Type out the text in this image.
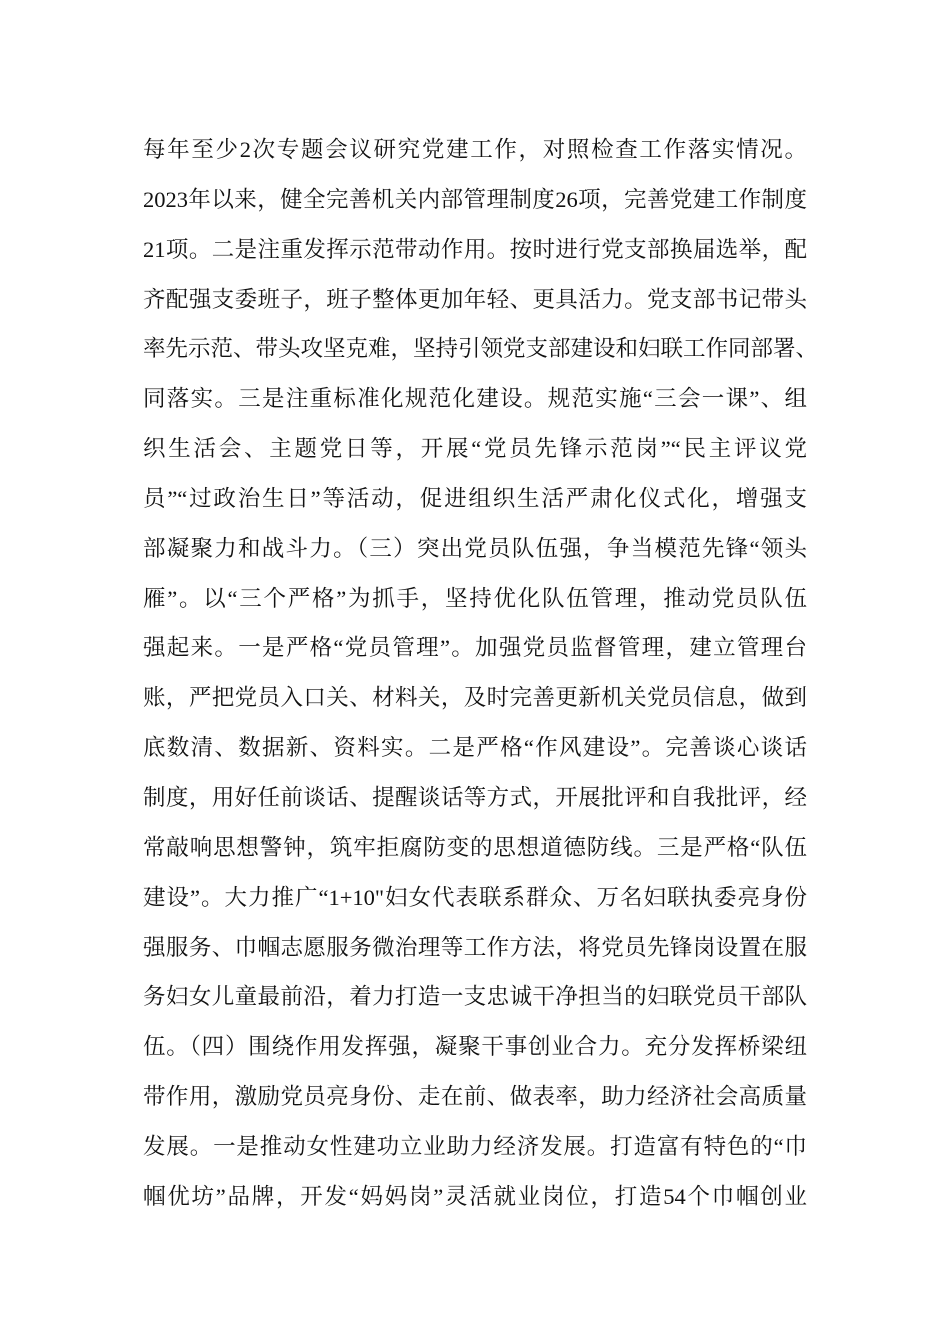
每年至少2次专题会议研究党建工作，对照检查工作落实情况。
2023年以来，健全完善机关内部管理制度26项，完善党建工作制度
21项。二是注重发挥示范带动作用。按时进行党支部换届选举，配
齐配强支委班子，班子整体更加年轻、更具活力。党支部书记带头
率先示范、带头攻坚克难，坚持引领党支部建设和妇联工作同部署、
同落实。三是注重标准化规范化建设。规范实施“三会一课”、组
织生活会、主题党日等，开展“党员先锋示范岗”“民主评议党
员”“过政治生日”等活动，促进组织生活严肃化仪式化，增强支
部凝聚力和战斗力。（三）突出党员队伍强，争当模范先锋“领头
雁”。以“三个严格”为抓手，坚持优化队伍管理，推动党员队伍
强起来。一是严格“党员管理”。加强党员监督管理，建立管理台
账，严把党员入口关、材料关，及时完善更新机关党员信息，做到
底数清、数据新、资料实。二是严格“作风建设”。完善谈心谈话
制度，用好任前谈话、提醒谈话等方式，开展批评和自我批评，经
常敲响思想警钟，筑牢拒腐防变的思想道德防线。三是严格“队伍
建设”。大力推广“1+10"妇女代表联系群众、万名妇联执委亮身份
强服务、巾帼志愿服务微治理等工作方法，将党员先锋岗设置在服
务妇女儿童最前沿，着力打造一支忠诚干净担当的妇联党员干部队
伍。（四）围绕作用发挥强，凝聚干事创业合力。充分发挥桥梁纽
带作用，激励党员亮身份、走在前、做表率，助力经济社会高质量
发展。一是推动女性建功立业助力经济发展。打造富有特色的“巾
帼优坊”品牌，开发“妈妈岗”灵活就业岗位，打造54个巾帼创业
